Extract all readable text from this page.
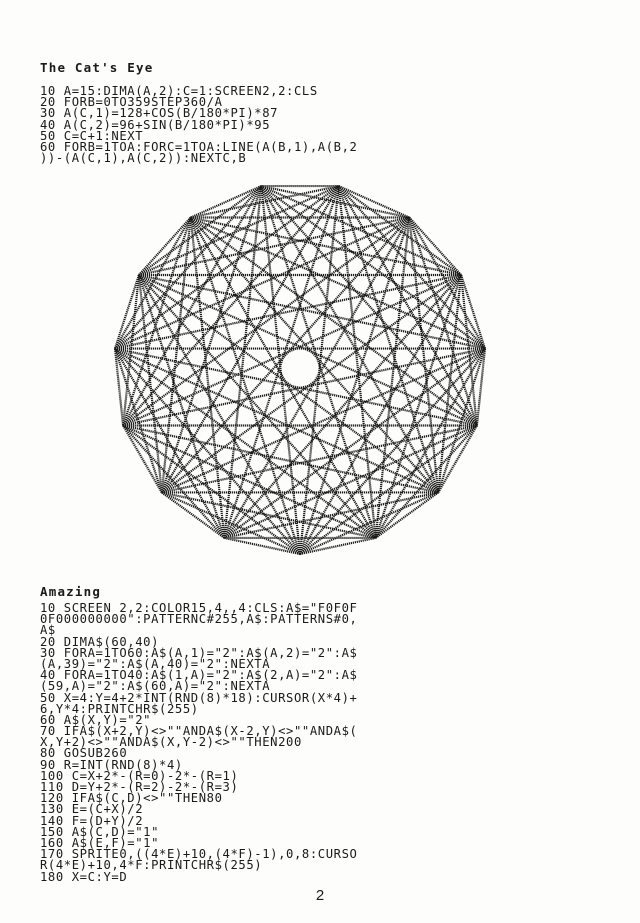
The Cat's Eye
10 A=15:DIMA(A,2):C=1:SCREEN2,2:CLS
20 FORB=0TO359STEP360/A
30 A(C,1)=128+COS(B/180*PI)*87
40 A(C,2)=96+SIN(B/180*PI)*95
50 C=C+1:NEXT
60 FORB=1TOA:FORC=1TOA:LINE(A(B,1),A(B,2
))-(A(C,1),A(C,2)):NEXTC,B
Amazing
10 SCREEN 2,2:COLOR15,4,,4:CLS:A$="F0F0F
0F000000000":PATTERNC#255,A$:PATTERNS#0,
A$
20 DIMA$(60,40)
30 FORA=1TO60:A$(A,1)="2":A$(A,2)="2":A$
(A,39)="2":A$(A,40)="2":NEXTA
40 FORA=1TO40:A$(1,A)="2":A$(2,A)="2":A$
(59,A)="2":A$(60,A)="2":NEXTA
50 X=4:Y=4+2*INT(RND(8)*18):CURSOR(X*4)+
6,Y*4:PRINTCHR$(255)
60 A$(X,Y)="2"
70 IFA$(X+2,Y)<>""ANDA$(X-2,Y)<>""ANDA$(
X,Y+2)<>""ANDA$(X,Y-2)<>""THEN200
80 GOSUB260
90 R=INT(RND(8)*4)
100 C=X+2*-(R=0)-2*-(R=1)
110 D=Y+2*-(R=2)-2*-(R=3)
120 IFA$(C,D)<>""THEN80
130 E=(C+X)/2
140 F=(D+Y)/2
150 A$(C,D)="1"
160 A$(E,F)="1"
170 SPRITE0,((4*E)+10,(4*F)-1),0,8:CURSO
R(4*E)+10,4*F:PRINTCHR$(255)
180 X=C:Y=D
2
